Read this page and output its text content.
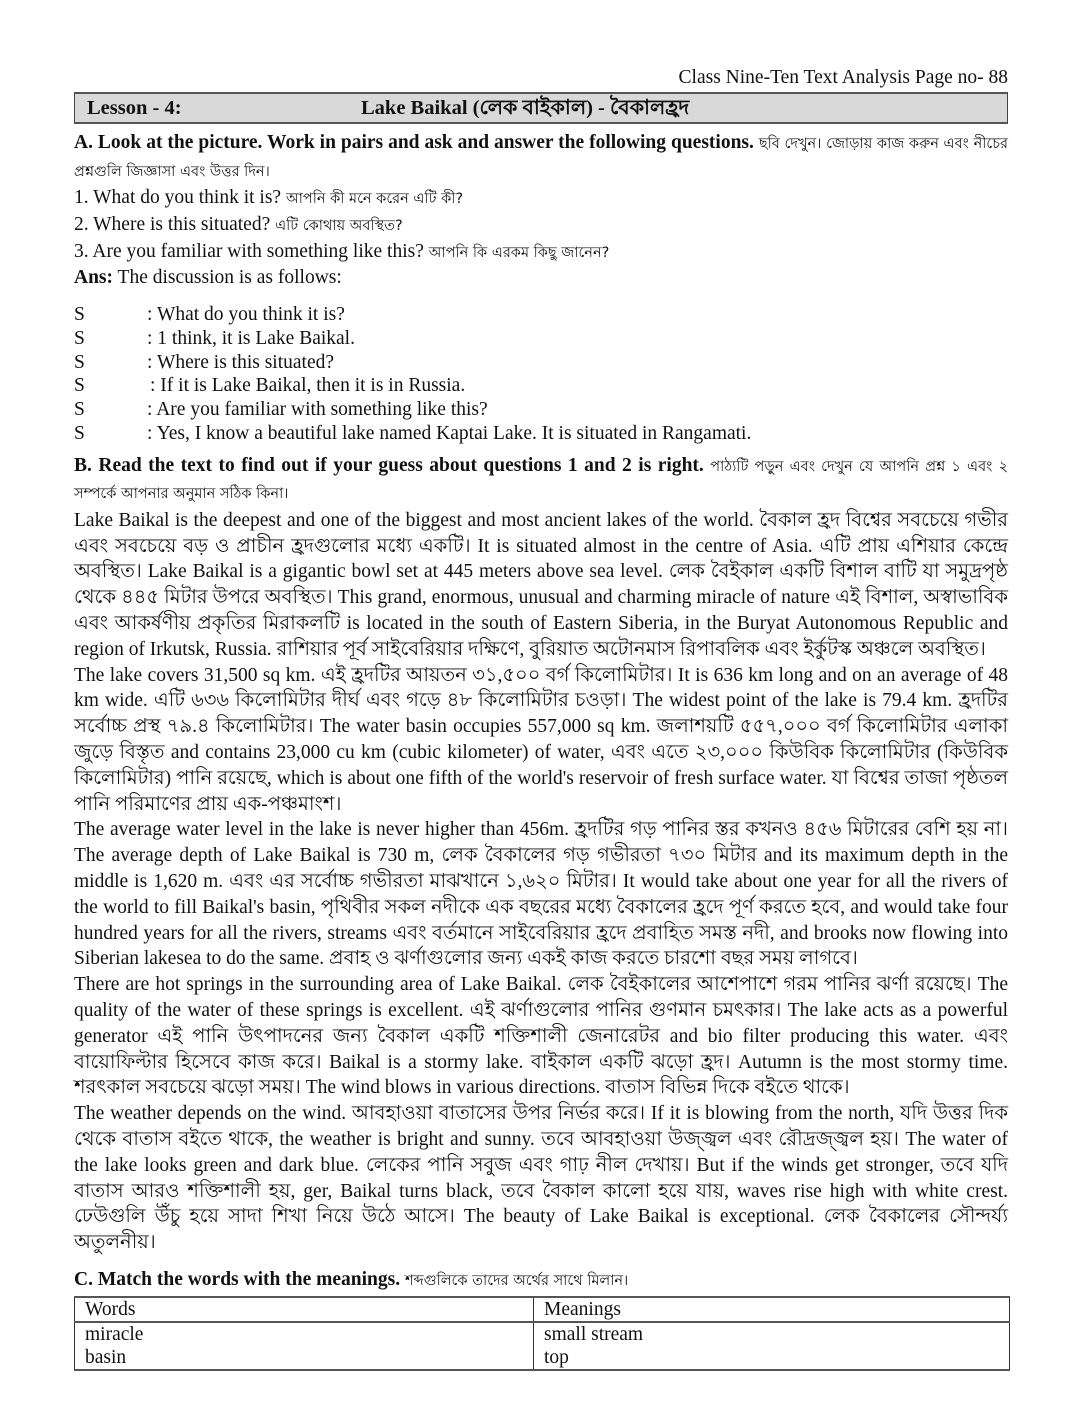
Class Nine-Ten Text Analysis Page no- 88
Lesson - 4:	Lake Baikal (লেক বাইকাল) - বৈকালহ্রদ
A. Look at the picture. Work in pairs and ask and answer the following questions. ছবি দেখুন। জোড়ায় কাজ করুন এবং নীচের প্রশ্নগুলি জিজ্ঞাসা এবং উত্তর দিন।
1. What do you think it is? আপনি কী মনে করেন এটি কী?
2. Where is this situated? এটি কোথায় অবস্থিত?
3. Are you familiar with something like this? আপনি কি এরকম কিছু জানেন?
Ans: The discussion is as follows:
S	: What do you think it is?
S	: 1 think, it is Lake Baikal.
S	: Where is this situated?
S	: If it is Lake Baikal, then it is in Russia.
S	: Are you familiar with something like this?
S	: Yes, I know a beautiful lake named Kaptai Lake. It is situated in Rangamati.
B. Read the text to find out if your guess about questions 1 and 2 is right. পাঠ্যটি পড়ুন এবং দেখুন যে আপনি প্রশ্ন ১ এবং ২ সম্পর্কে আপনার অনুমান সঠিক কিনা।

Lake Baikal is the deepest and one of the biggest and most ancient lakes of the world. বৈকাল হ্রদ বিশ্বের সবচেয়ে গভীর এবং সবচেয়ে বড় ও প্রাচীন হ্রদগুলোর মধ্যে একটি। It is situated almost in the centre of Asia. এটি প্রায় এশিয়ার কেন্দ্রে অবস্থিত। Lake Baikal is a gigantic bowl set at 445 meters above sea level. লেক বৈইকাল একটি বিশাল বাটি যা সমুদ্রপৃষ্ঠ থেকে ৪৪৫ মিটার উপরে অবস্থিত। This grand, enormous, unusual and charming miracle of nature এই বিশাল, অস্বাভাবিক এবং আকর্ষণীয় প্রকৃতির মিরাকলটি is located in the south of Eastern Siberia, in the Buryat Autonomous Republic and region of Irkutsk, Russia. রাশিয়ার পূর্ব সাইবেরিয়ার দক্ষিণে, বুরিয়াত অটোনমাস রিপাবলিক এবং ইর্কুটস্ক অঞ্চলে অবস্থিত।

The lake covers 31,500 sq km. এই হ্রদটির আয়তন ৩১,৫০০ বর্গ কিলোমিটার। It is 636 km long and on an average of 48 km wide. এটি ৬৩৬ কিলোমিটার দীর্ঘ এবং গড়ে ৪৮ কিলোমিটার চওড়া। The widest point of the lake is 79.4 km. হ্রদটির সর্বোচ্চ প্রস্থ ৭৯.৪ কিলোমিটার। The water basin occupies 557,000 sq km. জলাশয়টি ৫৫৭,০০০ বর্গ কিলোমিটার এলাকা জুড়ে বিস্তৃত and contains 23,000 cu km (cubic kilometer) of water, এবং এতে ২৩,০০০ কিউবিক কিলোমিটার (কিউবিক কিলোমিটার) পানি রয়েছে, which is about one fifth of the world's reservoir of fresh surface water. যা বিশ্বের তাজা পৃষ্ঠতল পানি পরিমাণের প্রায় এক-পঞ্চমাংশ।

The average water level in the lake is never higher than 456m. হ্রদটির গড় পানির স্তর কখনও ৪৫৬ মিটারের বেশি হয় না। The average depth of Lake Baikal is 730 m, লেক বৈকালের গড় গভীরতা ৭৩০ মিটার and its maximum depth in the middle is 1,620 m. এবং এর সর্বোচ্চ গভীরতা মাঝখানে ১,৬২০ মিটার। It would take about one year for all the rivers of the world to fill Baikal's basin, পৃথিবীর সকল নদীকে এক বছরের মধ্যে বৈকালের হ্রদে পূর্ণ করতে হবে, and would take four hundred years for all the rivers, streams এবং বর্তমানে সাইবেরিয়ার হ্রদে প্রবাহিত সমস্ত নদী, and brooks now flowing into Siberian lakesea to do the same. প্রবাহ ও ঝর্ণাগুলোর জন্য একই কাজ করতে চারশো বছর সময় লাগবে।

There are hot springs in the surrounding area of Lake Baikal. লেক বৈইকালের আশেপাশে গরম পানির ঝর্ণা রয়েছে। The quality of the water of these springs is excellent. এই ঝর্ণাগুলোর পানির গুণমান চমৎকার। The lake acts as a powerful generator এই পানি উৎপাদনের জন্য বৈকাল একটি শক্তিশালী জেনারেটর and bio filter producing this water. এবং বায়োফিল্টার হিসেবে কাজ করে। Baikal is a stormy lake. বাইকাল একটি ঝড়ো হ্রদ। Autumn is the most stormy time. শরৎকাল সবচেয়ে ঝড়ো সময়। The wind blows in various directions. বাতাস বিভিন্ন দিকে বইতে থাকে।

The weather depends on the wind. আবহাওয়া বাতাসের উপর নির্ভর করে। If it is blowing from the north, যদি উত্তর দিক থেকে বাতাস বইতে থাকে, the weather is bright and sunny. তবে আবহাওয়া উজ্জ্বল এবং রৌদ্রজ্জ্বল হয়। The water of the lake looks green and dark blue. লেকের পানি সবুজ এবং গাঢ় নীল দেখায়। But if the winds get stronger, তবে যদি বাতাস আরও শক্তিশালী হয়, ger, Baikal turns black, তবে বৈকাল কালো হয়ে যায়, waves rise high with white crest. ঢেউগুলি উঁচু হয়ে সাদা শিখা নিয়ে উঠে আসে। The beauty of Lake Baikal is exceptional. লেক বৈকালের সৌন্দর্য্য অতুলনীয়।

C. Match the words with the meanings. শব্দগুলিকে তাদের অর্থের সাথে মিলান।
Words	Meanings
miracle	small stream
basin	top
